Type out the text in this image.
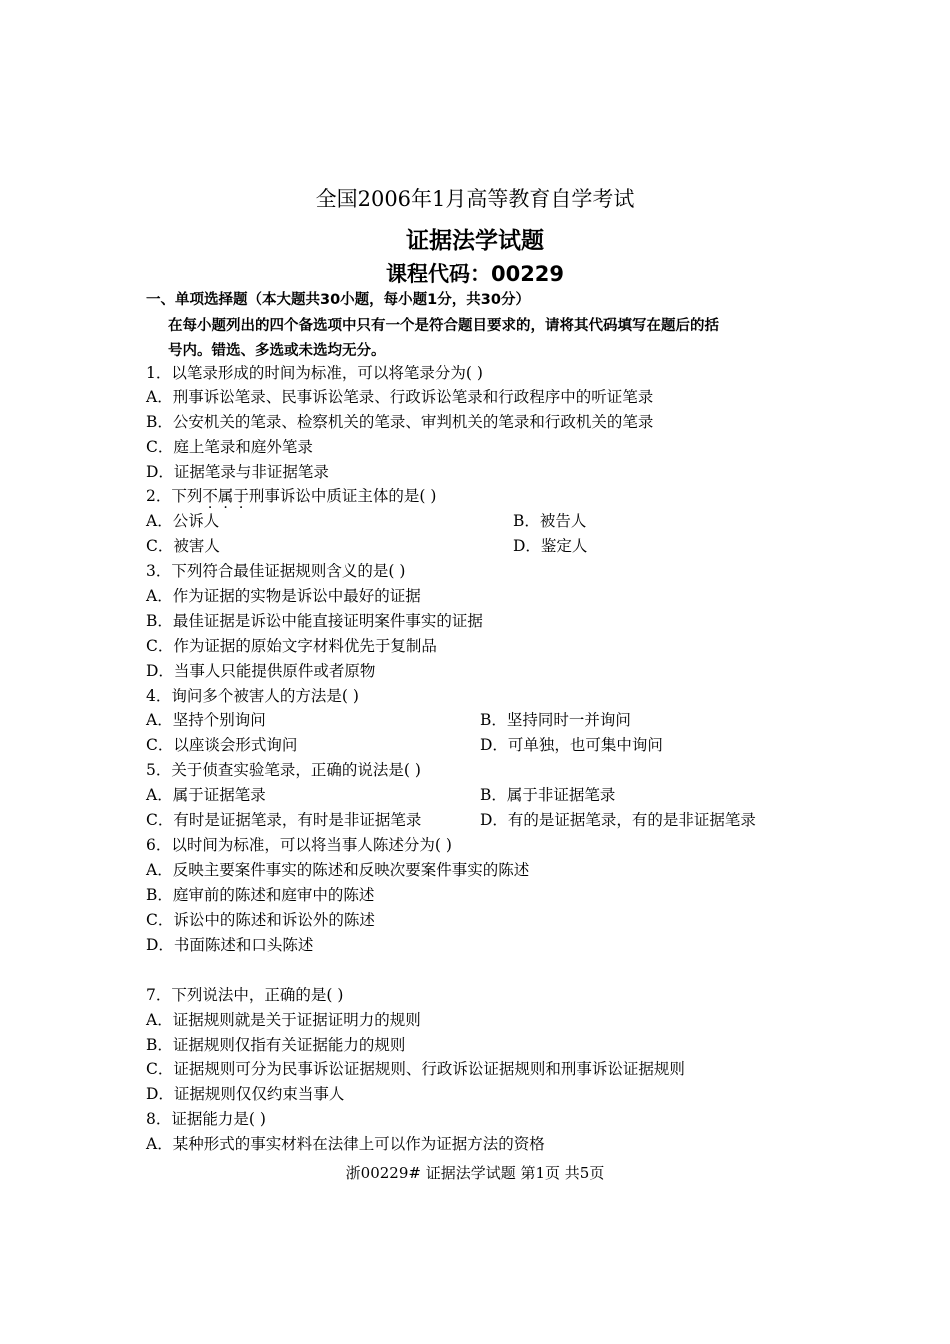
全国2006年1月高等教育自学考试
证据法学试题
课程代码：00229
一、单项选择题（本大题共30小题，每小题1分，共30分）
在每小题列出的四个备选项中只有一个是符合题目要求的，请将其代码填写在题后的括
号内。错选、多选或未选均无分。
1．以笔录形成的时间为标准，可以将笔录分为( )
A．刑事诉讼笔录、民事诉讼笔录、行政诉讼笔录和行政程序中的听证笔录
B．公安机关的笔录、检察机关的笔录、审判机关的笔录和行政机关的笔录
C．庭上笔录和庭外笔录
D．证据笔录与非证据笔录
2．下列不属于刑事诉讼中质证主体的是( )
A．公诉人	B．被告人
C．被害人	D．鉴定人
3．下列符合最佳证据规则含义的是( )
A．作为证据的实物是诉讼中最好的证据
B．最佳证据是诉讼中能直接证明案件事实的证据
C．作为证据的原始文字材料优先于复制品
D．当事人只能提供原件或者原物
4．询问多个被害人的方法是( )
A．坚持个别询问	B．坚持同时一并询问
C．以座谈会形式询问	D．可单独，也可集中询问
5．关于侦查实验笔录，正确的说法是( )
A．属于证据笔录	B．属于非证据笔录
C．有时是证据笔录，有时是非证据笔录	D．有的是证据笔录，有的是非证据笔录
6．以时间为标准，可以将当事人陈述分为( )
A．反映主要案件事实的陈述和反映次要案件事实的陈述
B．庭审前的陈述和庭审中的陈述
C．诉讼中的陈述和诉讼外的陈述
D．书面陈述和口头陈述
7．下列说法中，正确的是( )
A．证据规则就是关于证据证明力的规则
B．证据规则仅指有关证据能力的规则
C．证据规则可分为民事诉讼证据规则、行政诉讼证据规则和刑事诉讼证据规则
D．证据规则仅仅约束当事人
8．证据能力是( )
A．某种形式的事实材料在法律上可以作为证据方法的资格
浙00229# 证据法学试题 第1页 共5页
